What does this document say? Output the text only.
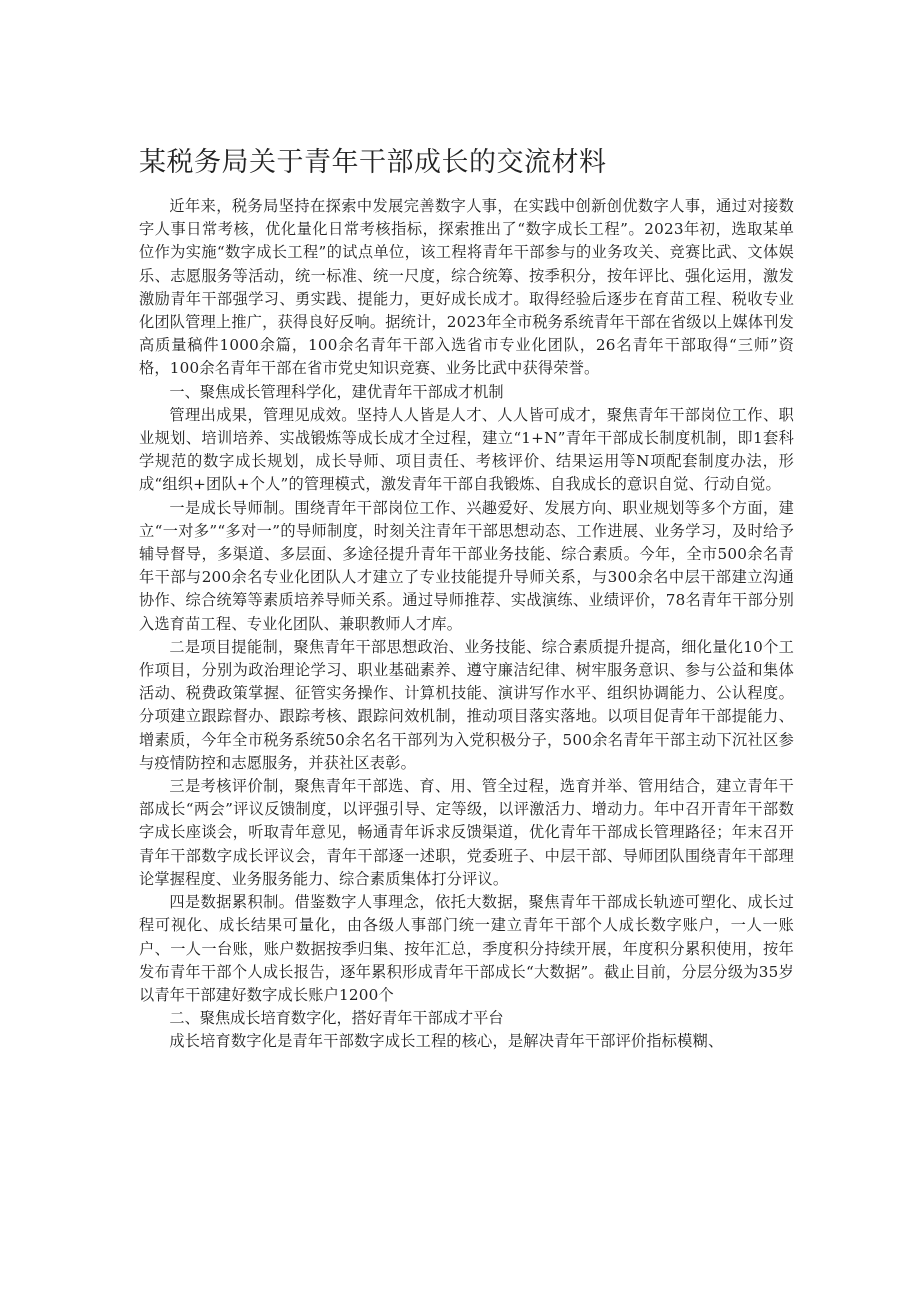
某税务局关于青年干部成长的交流材料

近年来，税务局坚持在探索中发展完善数字人事，在实践中创新创优数字人事，通过对接数字人事日常考核，优化量化日常考核指标，探索推出了“数字成长工程”。2023年初，选取某单位作为实施“数字成长工程”的试点单位，该工程将青年干部参与的业务攻关、竞赛比武、文体娱乐、志愿服务等活动，统一标准、统一尺度，综合统筹、按季积分，按年评比、强化运用，激发激励青年干部强学习、勇实践、提能力，更好成长成才。取得经验后逐步在育苗工程、税收专业化团队管理上推广，获得良好反响。据统计，2023年全市税务系统青年干部在省级以上媒体刊发高质量稿件1000余篇，100余名青年干部入选省市专业化团队，26名青年干部取得“三师”资格，100余名青年干部在省市党史知识竞赛、业务比武中获得荣誉。

一、聚焦成长管理科学化，建优青年干部成才机制

管理出成果，管理见成效。坚持人人皆是人才、人人皆可成才，聚焦青年干部岗位工作、职业规划、培训培养、实战锻炼等成长成才全过程，建立“1+N”青年干部成长制度机制，即1套科学规范的数字成长规划，成长导师、项目责任、考核评价、结果运用等N项配套制度办法，形成“组织+团队+个人”的管理模式，激发青年干部自我锻炼、自我成长的意识自觉、行动自觉。

一是成长导师制。围绕青年干部岗位工作、兴趣爱好、发展方向、职业规划等多个方面，建立“一对多”“多对一”的导师制度，时刻关注青年干部思想动态、工作进展、业务学习，及时给予辅导督导，多渠道、多层面、多途径提升青年干部业务技能、综合素质。今年，全市500余名青年干部与200余名专业化团队人才建立了专业技能提升导师关系，与300余名中层干部建立沟通协作、综合统筹等素质培养导师关系。通过导师推荐、实战演练、业绩评价，78名青年干部分别入选育苗工程、专业化团队、兼职教师人才库。

二是项目提能制，聚焦青年干部思想政治、业务技能、综合素质提升提高，细化量化10个工作项目，分别为政治理论学习、职业基础素养、遵守廉洁纪律、树牢服务意识、参与公益和集体活动、税费政策掌握、征管实务操作、计算机技能、演讲写作水平、组织协调能力、公认程度。分项建立跟踪督办、跟踪考核、跟踪问效机制，推动项目落实落地。以项目促青年干部提能力、增素质，今年全市税务系统50余名名干部列为入党积极分子，500余名青年干部主动下沉社区参与疫情防控和志愿服务，并获社区表彰。

三是考核评价制，聚焦青年干部选、育、用、管全过程，选育并举、管用结合，建立青年干部成长“两会”评议反馈制度，以评强引导、定等级，以评激活力、增动力。年中召开青年干部数字成长座谈会，听取青年意见，畅通青年诉求反馈渠道，优化青年干部成长管理路径；年末召开青年干部数字成长评议会，青年干部逐一述职，党委班子、中层干部、导师团队围绕青年干部理论掌握程度、业务服务能力、综合素质集体打分评议。

四是数据累积制。借鉴数字人事理念，依托大数据，聚焦青年干部成长轨迹可塑化、成长过程可视化、成长结果可量化，由各级人事部门统一建立青年干部个人成长数字账户，一人一账户、一人一台账，账户数据按季归集、按年汇总，季度积分持续开展，年度积分累积使用，按年发布青年干部个人成长报告，逐年累积形成青年干部成长“大数据”。截止目前，分层分级为35岁以青年干部建好数字成长账户1200个

二、聚焦成长培育数字化，搭好青年干部成才平台

成长培育数字化是青年干部数字成长工程的核心，是解决青年干部评价指标模糊、
